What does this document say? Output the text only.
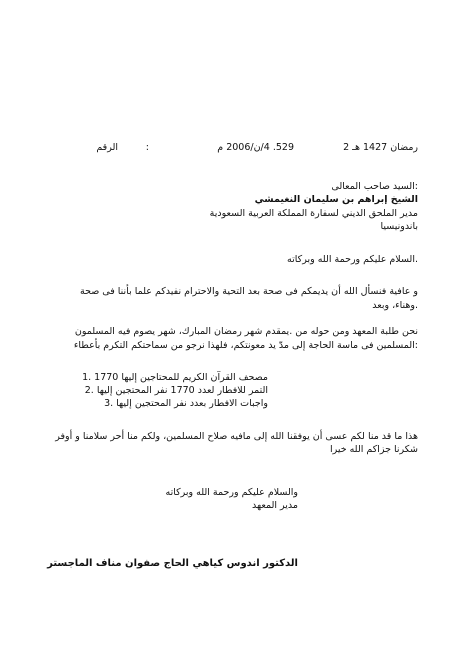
الرقم	:	529. 4/ن/2006 م	رمضان 1427 هـ 2
:السيد صاحب المعالى
الشيخ إبراهم بن سليمان النغيمشي
مدير الملحق الديني لسفارة المملكة العربية السعودية
باندونيسيا
.السلام عليكم ورحمة الله وبركاته
و عافية فنسأل الله أن يديمكم فى صحة بعد التحية والاحترام نفيدكم علما بأننا فى صحة
.وهناء، وبعد
نحن طلبة المعهد ومن حوله من .يمقدم شهر رمضان المبارك، شهر يصوم فيه المسلمون
:المسلمين فى ماسة الحاجة إلى مدّ يد معونتكم، فلهذا نرجو من سماحتكم التكرم بأعطاء
مصحف القرآن الكريم للمحتاجين إليها 1770 .1
التمر للافطار لعدد 1770 نفر المحتجين إليها .2
واجبات الافطار بعدد نفر المحتجين إليها .3
هذا ما قد منا لكم عسى أن يوفقنا الله إلى مافيه صلاح المسلمين، ولكم منا أحر سلامنا و أوفر
شكرنا جزاكم الله خيرا
والسلام عليكم ورحمة الله وبركاته
مدير المعهد
الدكتور اندوس كياهي الحاج صفوان مناف الماجستر
